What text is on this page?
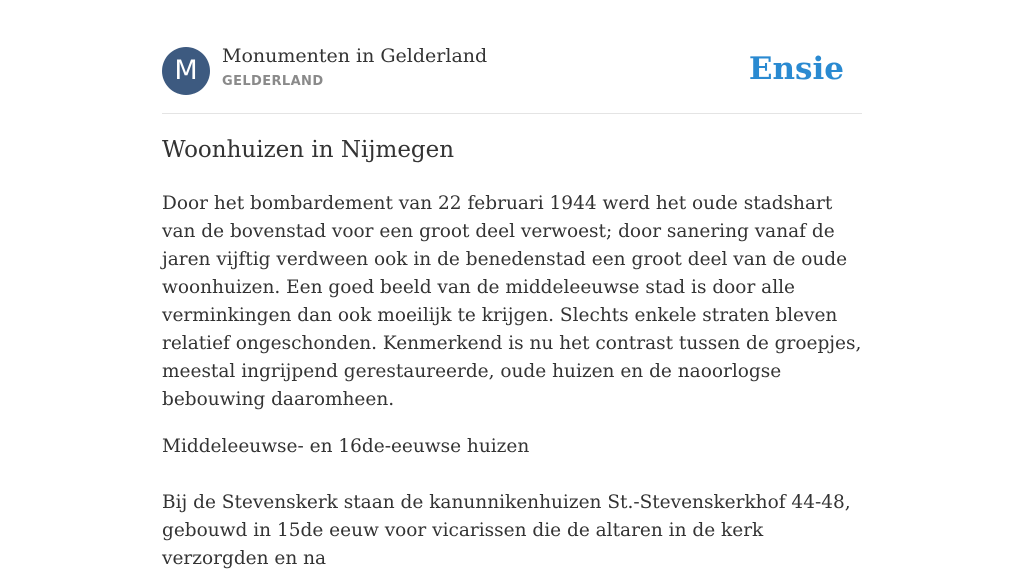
M	Monumenten in Gelderland
GELDERLAND	Ensie
Woonhuizen in Nijmegen

Door het bombardement van 22 februari 1944 werd het oude stadshart van de bovenstad voor een groot deel verwoest; door sanering vanaf de jaren vijftig verdween ook in de benedenstad een groot deel van de oude woonhuizen. Een goed beeld van de middeleeuwse stad is door alle verminkingen dan ook moeilijk te krijgen. Slechts enkele straten bleven relatief ongeschonden. Kenmerkend is nu het contrast tussen de groepjes, meestal ingrijpend gerestaureerde, oude huizen en de naoorlogse bebouwing daaromheen.

Middeleeuwse- en 16de-eeuwse huizen

Bij de Stevenskerk staan de kanunnikenhuizen St.-Stevenskerkhof 44-48, gebouwd in 15de eeuw voor vicarissen die de altaren in de kerk verzorgden en na
